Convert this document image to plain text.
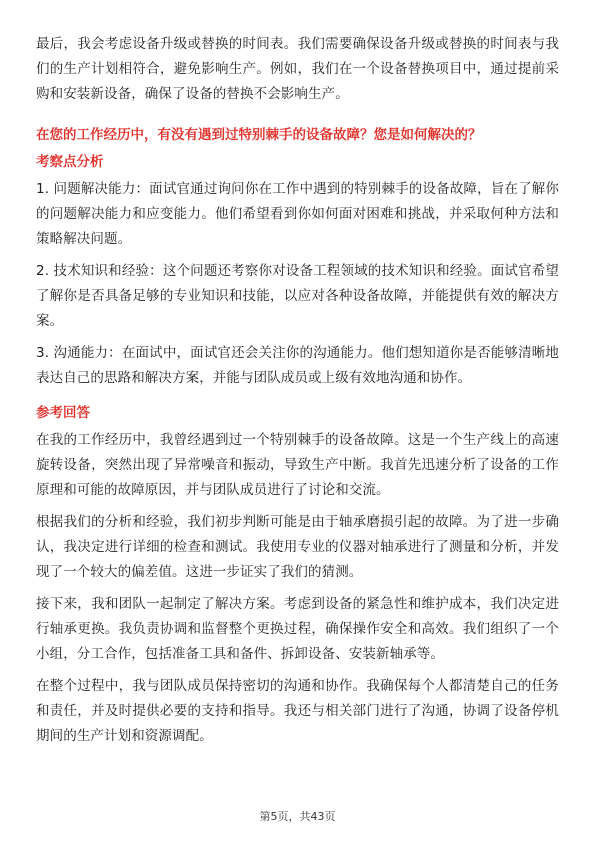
最后，我会考虑设备升级或替换的时间表。我们需要确保设备升级或替换的时间表与我们的生产计划相符合，避免影响生产。例如，我们在一个设备替换项目中，通过提前采购和安装新设备，确保了设备的替换不会影响生产。

在您的工作经历中，有没有遇到过特别棘手的设备故障？您是如何解决的？
考察点分析

1. 问题解决能力：面试官通过询问你在工作中遇到的特别棘手的设备故障，旨在了解你的问题解决能力和应变能力。他们希望看到你如何面对困难和挑战，并采取何种方法和策略解决问题。

2. 技术知识和经验：这个问题还考察你对设备工程领域的技术知识和经验。面试官希望了解你是否具备足够的专业知识和技能，以应对各种设备故障，并能提供有效的解决方案。

3. 沟通能力：在面试中，面试官还会关注你的沟通能力。他们想知道你是否能够清晰地表达自己的思路和解决方案，并能与团队成员或上级有效地沟通和协作。

参考回答

在我的工作经历中，我曾经遇到过一个特别棘手的设备故障。这是一个生产线上的高速旋转设备，突然出现了异常噪音和振动，导致生产中断。我首先迅速分析了设备的工作原理和可能的故障原因，并与团队成员进行了讨论和交流。

根据我们的分析和经验，我们初步判断可能是由于轴承磨损引起的故障。为了进一步确认，我决定进行详细的检查和测试。我使用专业的仪器对轴承进行了测量和分析，并发现了一个较大的偏差值。这进一步证实了我们的猜测。

接下来，我和团队一起制定了解决方案。考虑到设备的紧急性和维护成本，我们决定进行轴承更换。我负责协调和监督整个更换过程，确保操作安全和高效。我们组织了一个小组，分工合作，包括准备工具和备件、拆卸设备、安装新轴承等。

在整个过程中，我与团队成员保持密切的沟通和协作。我确保每个人都清楚自己的任务和责任，并及时提供必要的支持和指导。我还与相关部门进行了沟通，协调了设备停机期间的生产计划和资源调配。

第5页，共43页
